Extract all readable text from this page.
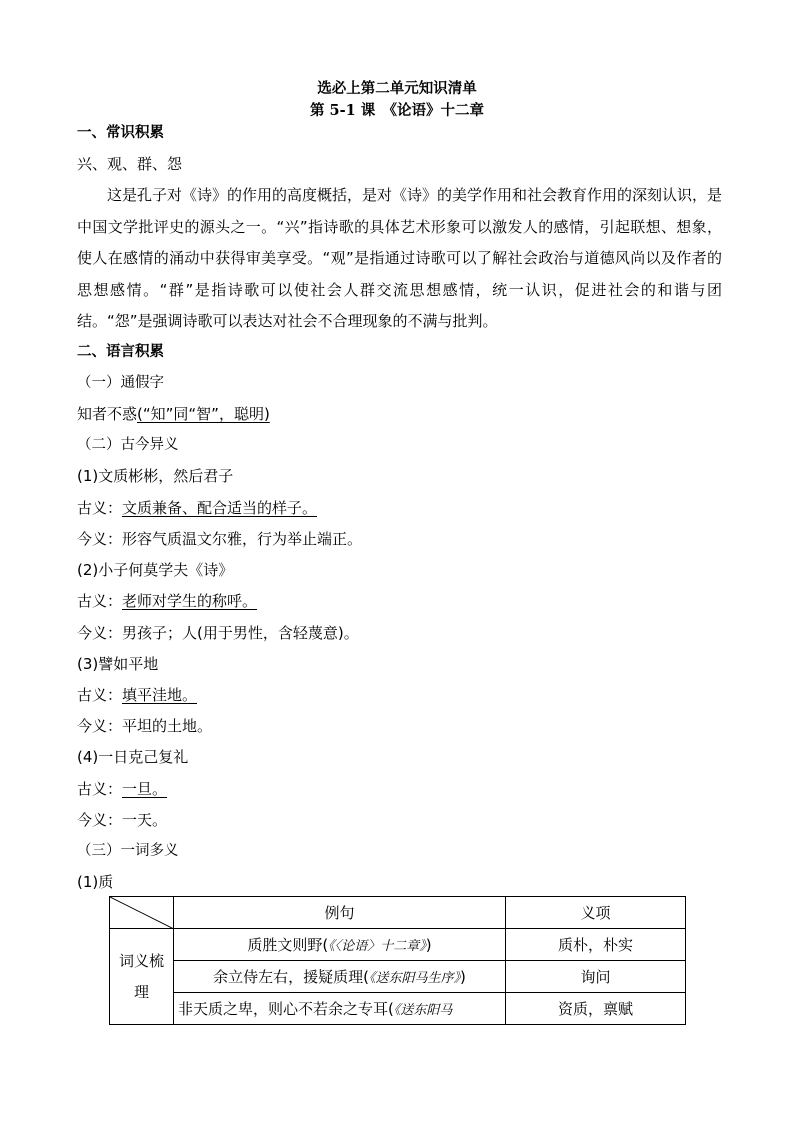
选必上第二单元知识清单
第 5-1 课　《论语》十二章
一、常识积累
兴、观、群、怨
这是孔子对《诗》的作用的高度概括，是对《诗》的美学作用和社会教育作用的深刻认识，是中国文学批评史的源头之一。“兴”指诗歌的具体艺术形象可以激发人的感情，引起联想、想象，使人在感情的涌动中获得审美享受。“观”是指通过诗歌可以了解社会政治与道德风尚以及作者的思想感情。“群”是指诗歌可以使社会人群交流思想感情，统一认识，促进社会的和谐与团结。“怨”是强调诗歌可以表达对社会不合理现象的不满与批判。
二、语言积累
（一）通假字
知者不惑(“知”同“智”，聪明)
（二）古今异义
(1)文质彬彬，然后君子
古义：文质兼备、配合适当的样子。
今义：形容气质温文尔雅，行为举止端正。
(2)小子何莫学夫《诗》
古义：老师对学生的称呼。
今义：男孩子；人(用于男性，含轻蔑意)。
(3)譬如平地
古义：填平洼地。
今义：平坦的土地。
(4)一日克己复礼
古义：一旦。
今义：一天。
（三）一词多义
(1)质
	例句	义项

词义梳理	质胜文则野(《〈论语〉十二章》)	质朴，朴实
	余立侍左右，援疑质理(《送东阳马生序》)	询问
	非天质之卑，则心不若余之专耳(《送东阳马	资质，禀赋
